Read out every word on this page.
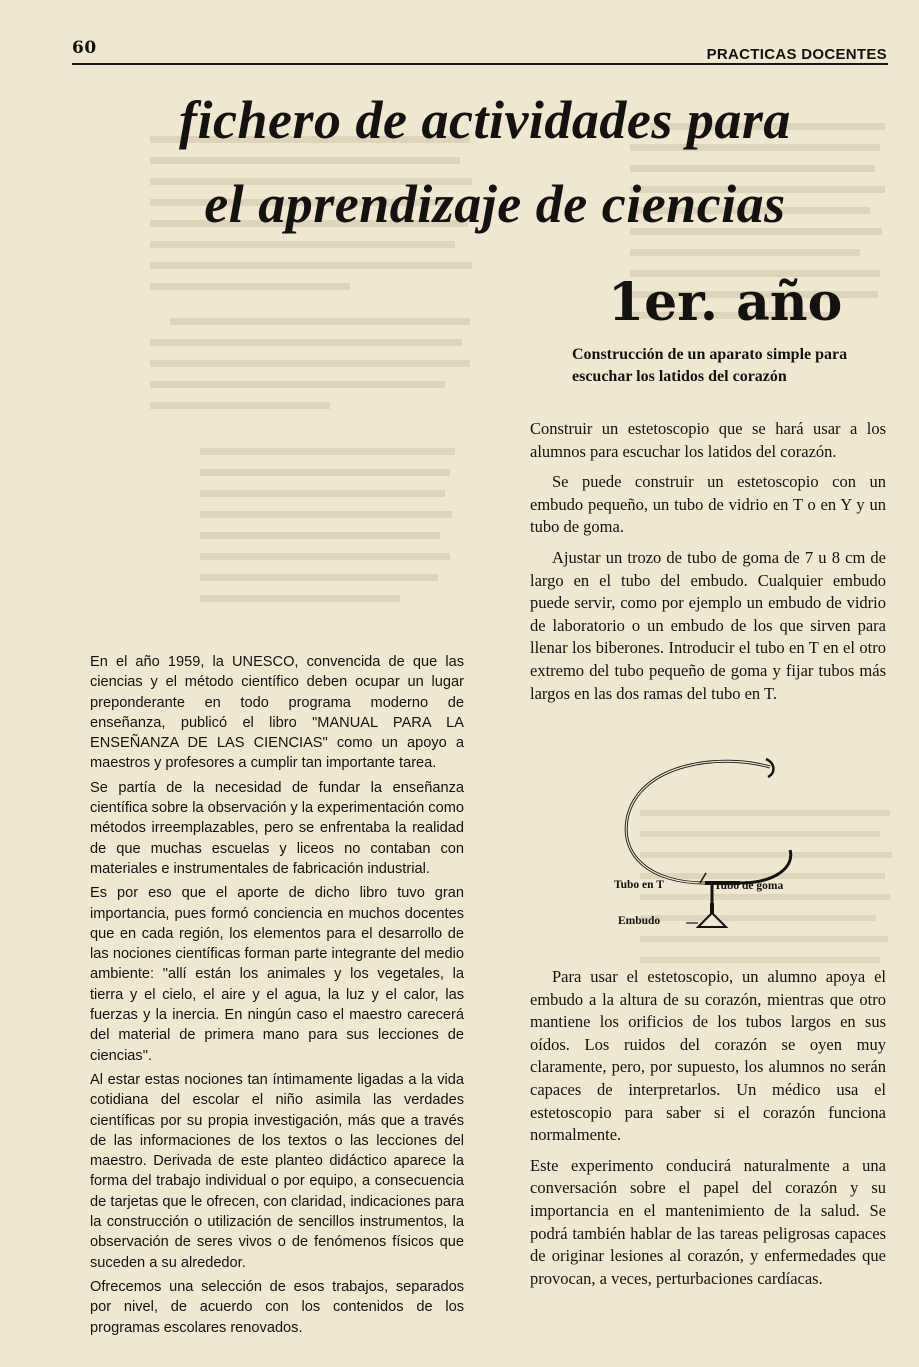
60	PRACTICAS DOCENTES
fichero de actividades para
el aprendizaje de ciencias
1er. año
Construcción de un aparato simple para escuchar los latidos del corazón

Construir un estetoscopio que se hará usar a los alumnos para escuchar los latidos del corazón.

Se puede construir un estetoscopio con un embudo pequeño, un tubo de vidrio en T o en Y y un tubo de goma.

Ajustar un trozo de tubo de goma de 7 u 8 cm de largo en el tubo del embudo. Cualquier embudo puede servir, como por ejemplo un embudo de vidrio de laboratorio o un embudo de los que sirven para llenar los biberones. Introducir el tubo en T en el otro extremo del tubo pequeño de goma y fijar tubos más largos en las dos ramas del tubo en T.

Tubo en T	Tubo de goma
Embudo

Para usar el estetoscopio, un alumno apoya el embudo a la altura de su corazón, mientras que otro mantiene los orificios de los tubos largos en sus oídos. Los ruidos del corazón se oyen muy claramente, pero, por supuesto, los alumnos no serán capaces de interpretarlos. Un médico usa el estetoscopio para saber si el corazón funciona normalmente.

Este experimento conducirá naturalmente a una conversación sobre el papel del corazón y su importancia en el mantenimiento de la salud. Se podrá también hablar de las tareas peligrosas capaces de originar lesiones al corazón, y enfermedades que provocan, a veces, perturbaciones cardíacas.

En el año 1959, la UNESCO, convencida de que las ciencias y el método científico deben ocupar un lugar preponderante en todo programa moderno de enseñanza, publicó el libro "MANUAL PARA LA ENSEÑANZA DE LAS CIENCIAS" como un apoyo a maestros y profesores a cumplir tan importante tarea.

Se partía de la necesidad de fundar la enseñanza científica sobre la observación y la experimentación como métodos irreemplazables, pero se enfrentaba la realidad de que muchas escuelas y liceos no contaban con materiales e instrumentales de fabricación industrial.

Es por eso que el aporte de dicho libro tuvo gran importancia, pues formó conciencia en muchos docentes que en cada región, los elementos para el desarrollo de las nociones científicas forman parte integrante del medio ambiente: "allí están los animales y los vegetales, la tierra y el cielo, el aire y el agua, la luz y el calor, las fuerzas y la inercia. En ningún caso el maestro carecerá del material de primera mano para sus lecciones de ciencias".

Al estar estas nociones tan íntimamente ligadas a la vida cotidiana del escolar el niño asimila las verdades científicas por su propia investigación, más que a través de las informaciones de los textos o las lecciones del maestro. Derivada de este planteo didáctico aparece la forma del trabajo individual o por equipo, a consecuencia de tarjetas que le ofrecen, con claridad, indicaciones para la construcción o utilización de sencillos instrumentos, la observación de seres vivos o de fenómenos físicos que suceden a su alrededor.

Ofrecemos una selección de esos trabajos, separados por nivel, de acuerdo con los contenidos de los programas escolares renovados.
